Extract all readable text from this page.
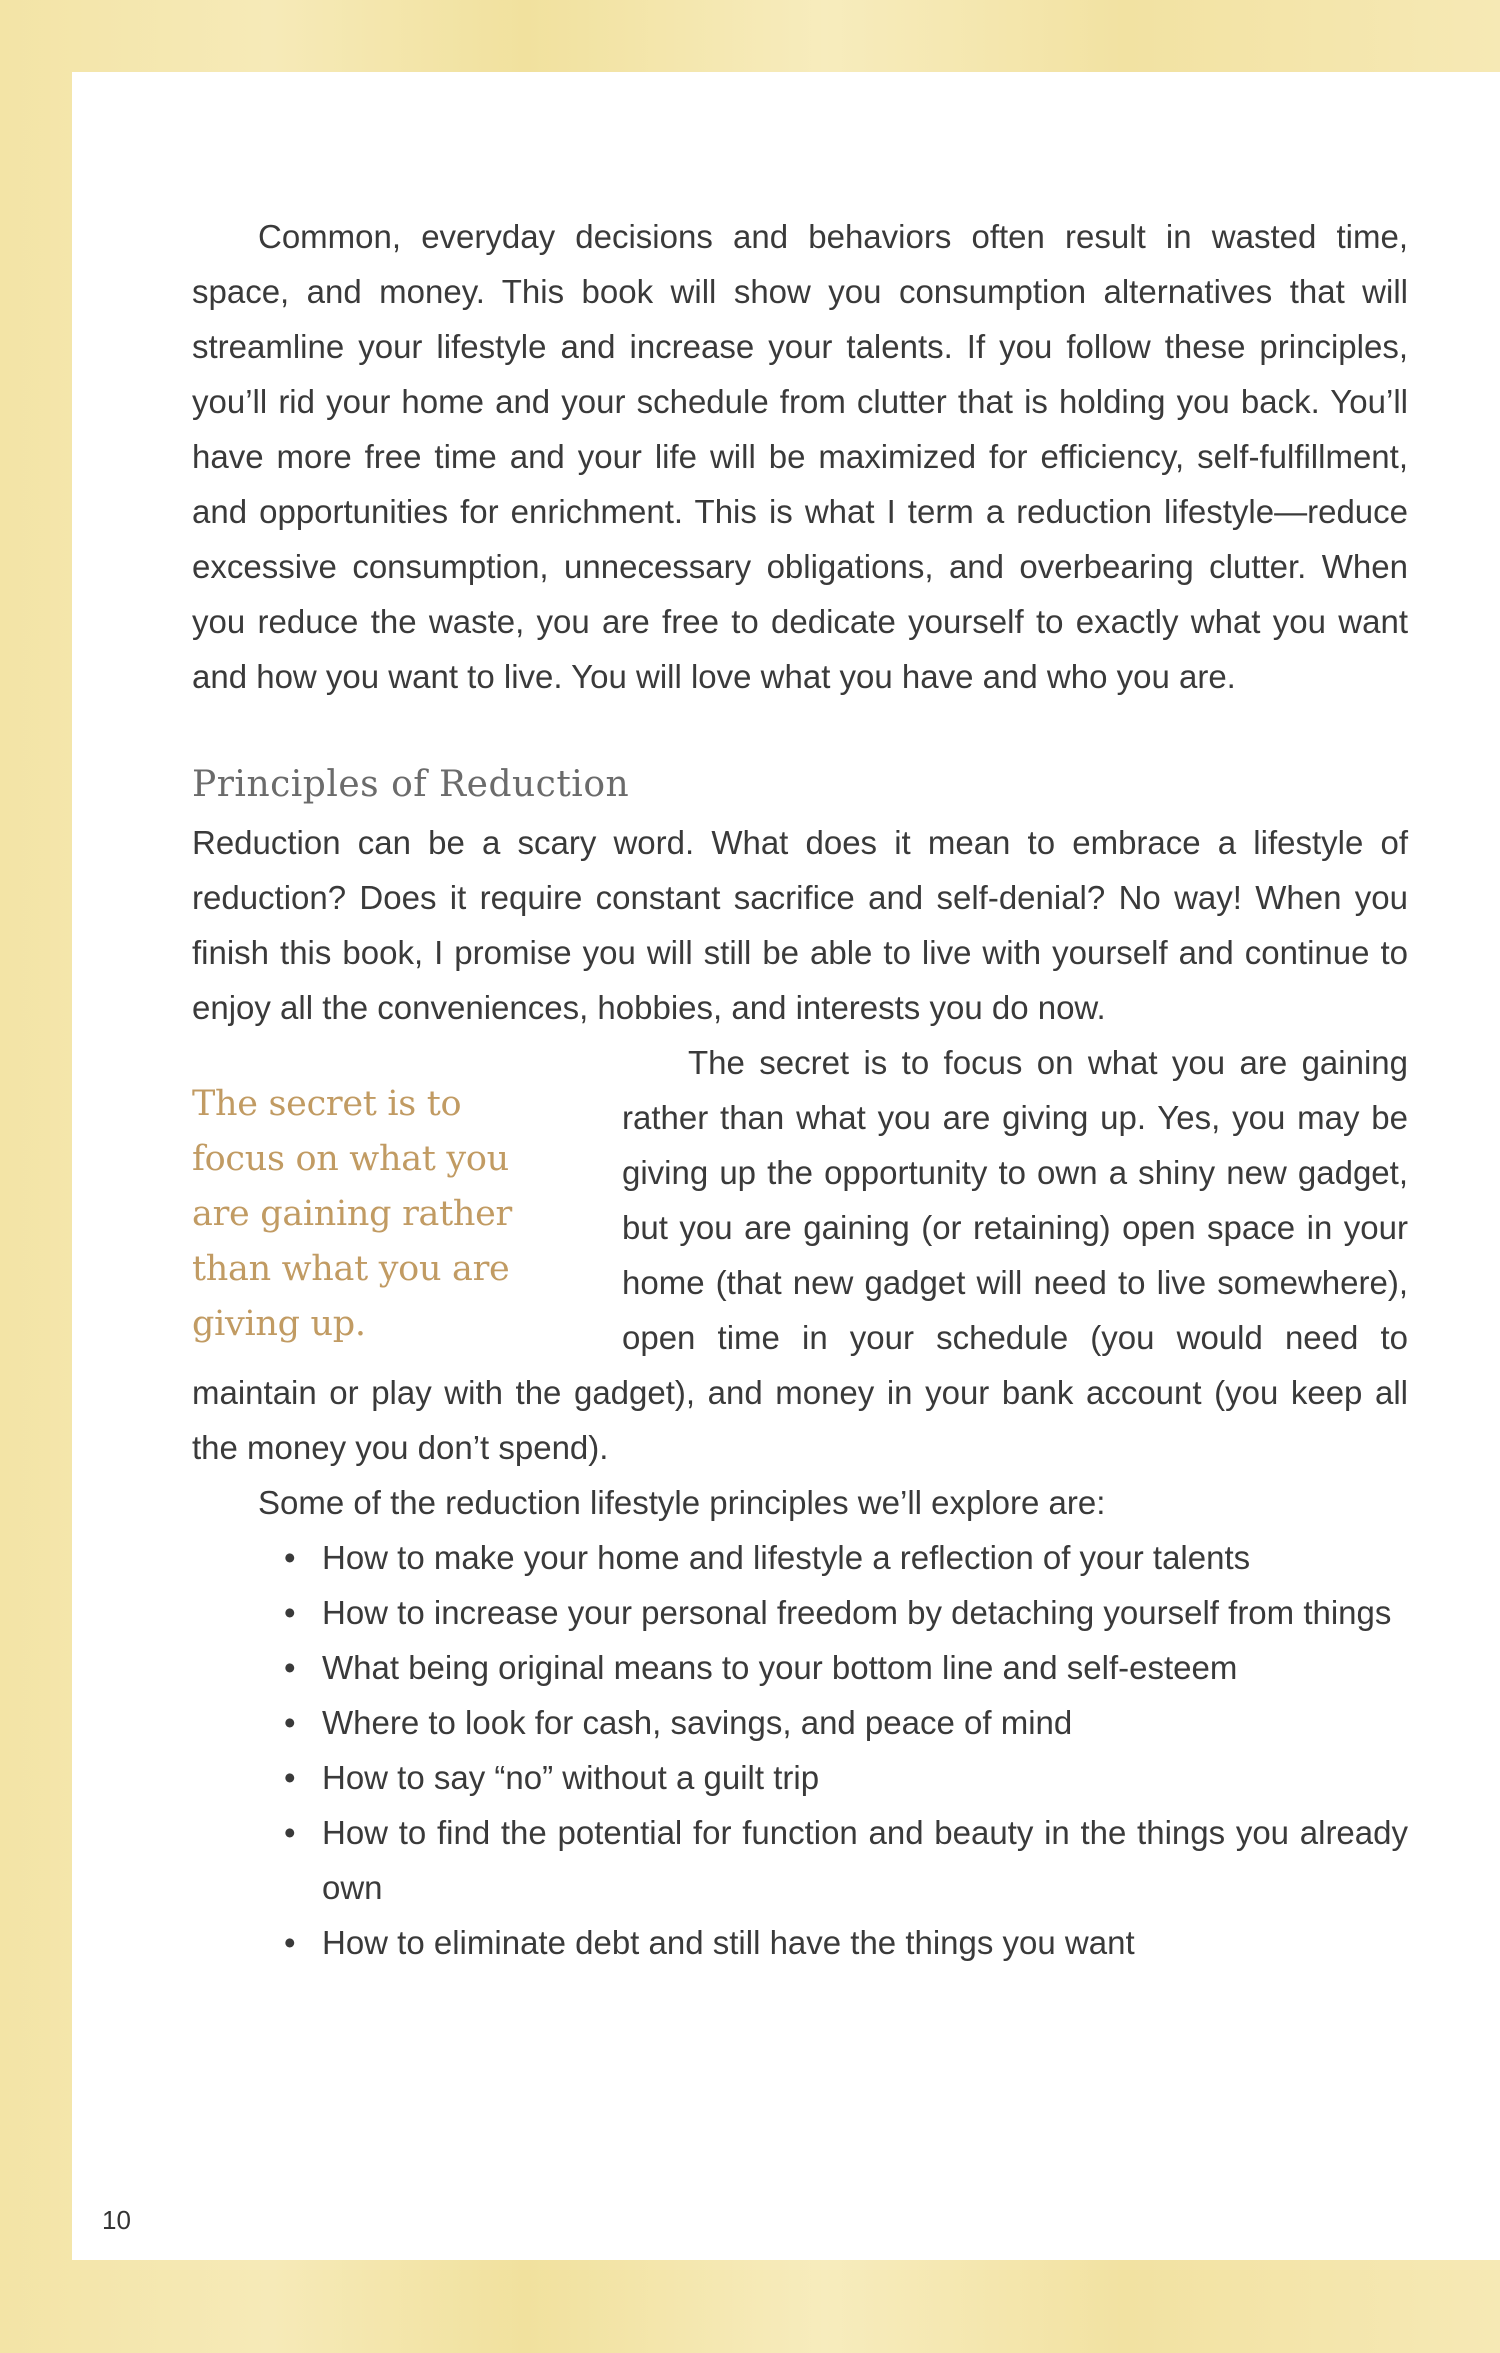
Common, everyday decisions and behaviors often result in wasted time, space, and money. This book will show you consumption alternatives that will streamline your lifestyle and increase your talents. If you follow these principles, you’ll rid your home and your schedule from clutter that is holding you back. You’ll have more free time and your life will be maximized for efficiency, self-fulfillment, and opportunities for enrichment. This is what I term a reduction lifestyle—reduce excessive consumption, unnecessary obligations, and overbearing clutter. When you reduce the waste, you are free to dedicate yourself to exactly what you want and how you want to live. You will love what you have and who you are.

Principles of Reduction

Reduction can be a scary word. What does it mean to embrace a lifestyle of reduction? Does it require constant sacrifice and self-denial? No way! When you finish this book, I promise you will still be able to live with yourself and continue to enjoy all the conveniences, hobbies, and interests you do now.

The secret is to focus on what you are gaining rather than what you are giving up.

The secret is to focus on what you are gaining rather than what you are giving up. Yes, you may be giving up the opportunity to own a shiny new gadget, but you are gaining (or retaining) open space in your home (that new gadget will need to live somewhere), open time in your schedule (you would need to maintain or play with the gadget), and money in your bank account (you keep all the money you don’t spend).

Some of the reduction lifestyle principles we’ll explore are:

• How to make your home and lifestyle a reflection of your talents
• How to increase your personal freedom by detaching yourself from things
• What being original means to your bottom line and self-esteem
• Where to look for cash, savings, and peace of mind
• How to say “no” without a guilt trip
• How to find the potential for function and beauty in the things you already own
• How to eliminate debt and still have the things you want
10
